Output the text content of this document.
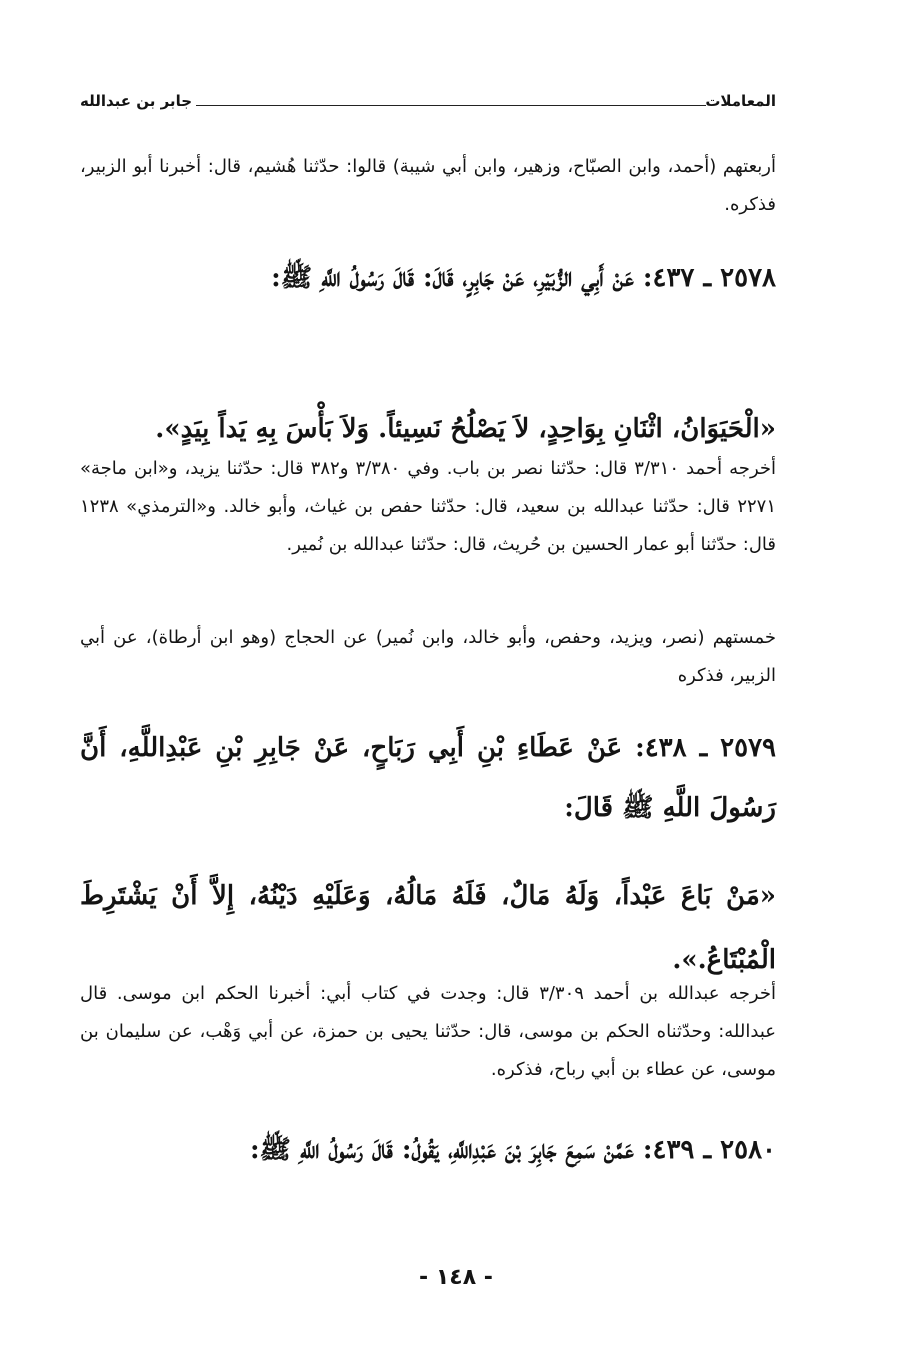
المعاملات
جابر بن عبدالله

أربعتهم (أحمد، وابن الصبّاح، وزهير، وابن أبي شيبة) قالوا: حدّثنا هُشيم، قال: أخبرنا أبو الزبير، فذكره.

٢٥٧٨ ـ ٤٣٧: عَنْ أَبِي الزُّبَيْرِ، عَنْ جَابِرٍ، قَالَ: قَالَ رَسُولُ اللَّهِ ﷺ:

«الْحَيَوَانُ، اثْنَانِ بِوَاحِدٍ، لاَ يَصْلُحُ نَسِيئاً. وَلاَ بَأْسَ بِهِ يَداً بِيَدٍ».

أخرجه أحمد ٣/٣١٠ قال: حدّثنا نصر بن باب. وفي ٣/٣٨٠ و٣٨٢ قال: حدّثنا يزيد، و«ابن ماجة» ٢٢٧١ قال: حدّثنا عبدالله بن سعيد، قال: حدّثنا حفص بن غياث، وأبو خالد. و«الترمذي» ١٢٣٨ قال: حدّثنا أبو عمار الحسين بن حُريث، قال: حدّثنا عبدالله بن نُمير.

خمستهم (نصر، ويزيد، وحفص، وأبو خالد، وابن نُمير) عن الحجاج (وهو ابن أرطاة)، عن أبي الزبير، فذكره

٢٥٧٩ ـ ٤٣٨: عَنْ عَطَاءِ بْنِ أَبِي رَبَاحٍ، عَنْ جَابِرِ بْنِ عَبْدِاللَّهِ، أَنَّ رَسُولَ اللَّهِ ﷺ قَالَ:

«مَنْ بَاعَ عَبْداً، وَلَهُ مَالٌ، فَلَهُ مَالُهُ، وَعَلَيْهِ دَيْنُهُ، إِلاَّ أَنْ يَشْتَرِطَ الْمُبْتَاعُ.».

أخرجه عبدالله بن أحمد ٣/٣٠٩ قال: وجدت في كتاب أبي: أخبرنا الحكم ابن موسى. قال عبدالله: وحدّثناه الحكم بن موسى، قال: حدّثنا يحيى بن حمزة، عن أبي وَهْب، عن سليمان بن موسى، عن عطاء بن أبي رباح، فذكره.

٢٥٨٠ ـ ٤٣٩: عَمَّنْ سَمِعَ جَابِرَ بْنَ عَبْدِاللَّهِ، يَقُولُ: قَالَ رَسُولُ اللَّهِ ﷺ:

- ١٤٨ -
